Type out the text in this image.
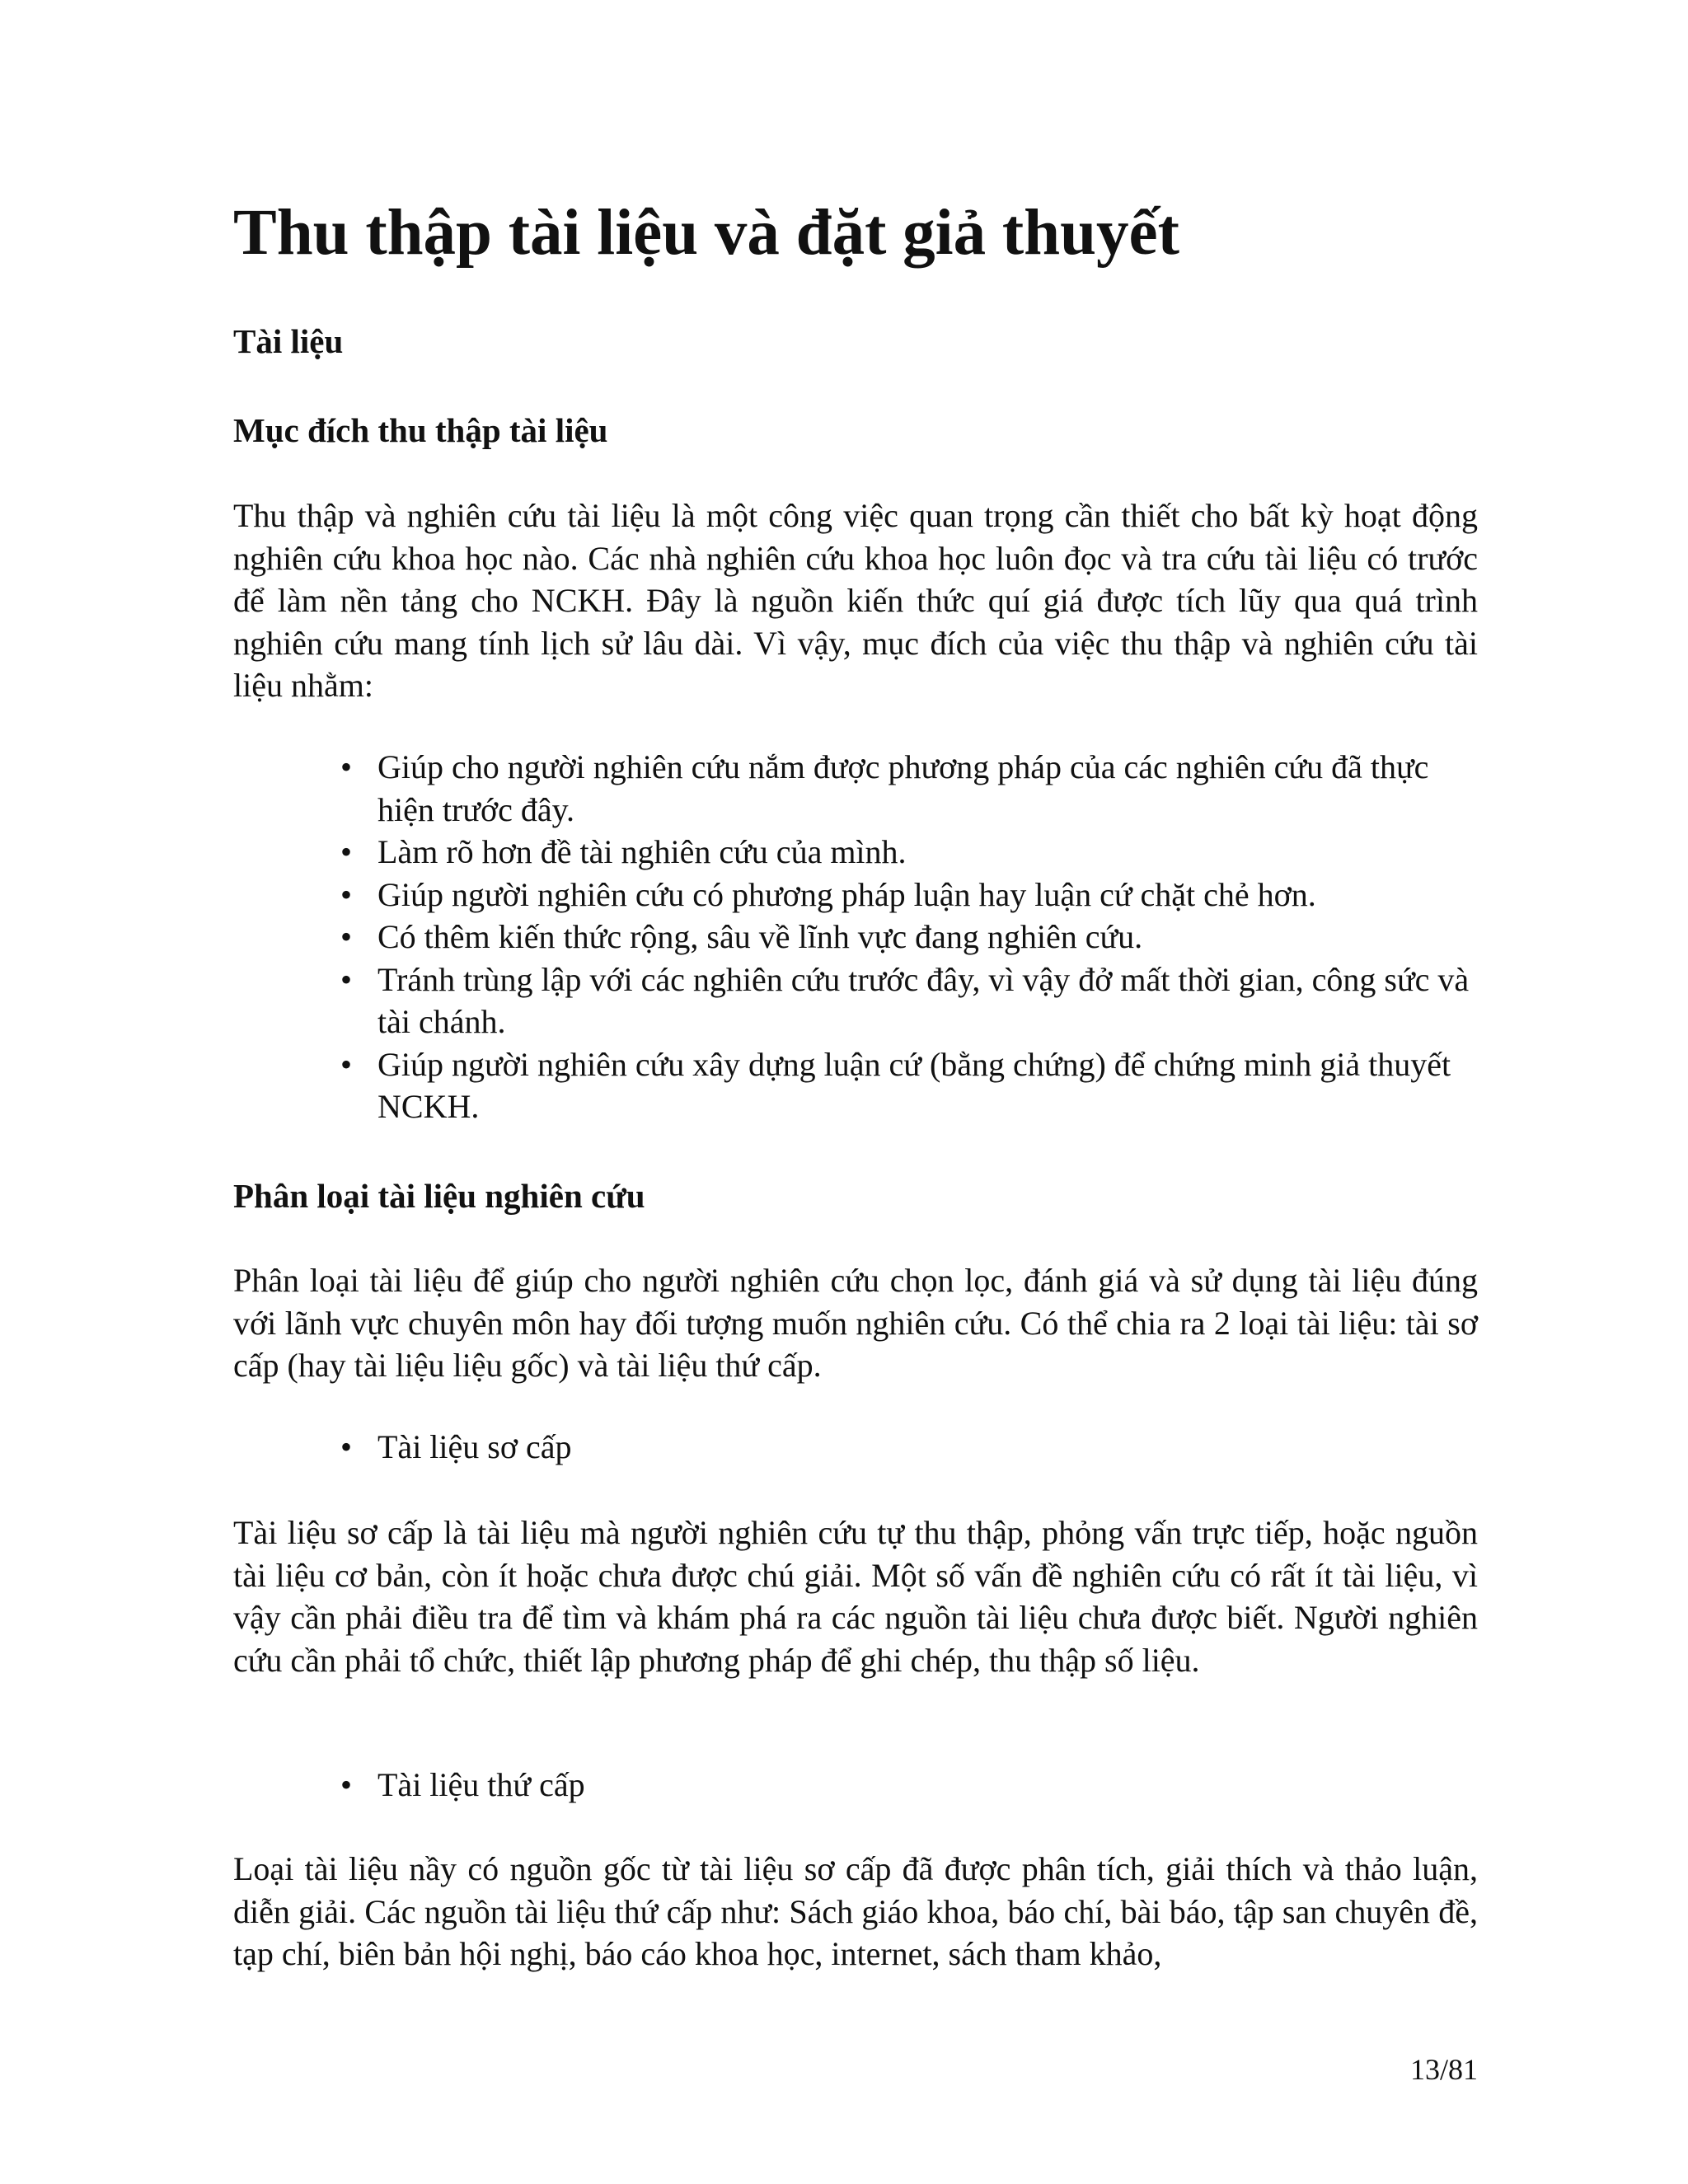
Thu thập tài liệu và đặt giả thuyết
Tài liệu
Mục đích thu thập tài liệu

Thu thập và nghiên cứu tài liệu là một công việc quan trọng cần thiết cho bất kỳ hoạt động nghiên cứu khoa học nào. Các nhà nghiên cứu khoa học luôn đọc và tra cứu tài liệu có trước để làm nền tảng cho NCKH. Đây là nguồn kiến thức quí giá được tích lũy qua quá trình nghiên cứu mang tính lịch sử lâu dài. Vì vậy, mục đích của việc thu thập và nghiên cứu tài liệu nhằm:

• Giúp cho người nghiên cứu nắm được phương pháp của các nghiên cứu đã thực hiện trước đây.
• Làm rõ hơn đề tài nghiên cứu của mình.
• Giúp người nghiên cứu có phương pháp luận hay luận cứ chặt chẻ hơn.
• Có thêm kiến thức rộng, sâu về lĩnh vực đang nghiên cứu.
• Tránh trùng lập với các nghiên cứu trước đây, vì vậy đở mất thời gian, công sức và tài chánh.
• Giúp người nghiên cứu xây dựng luận cứ (bằng chứng) để chứng minh giả thuyết NCKH.
Phân loại tài liệu nghiên cứu

Phân loại tài liệu để giúp cho người nghiên cứu chọn lọc, đánh giá và sử dụng tài liệu đúng với lãnh vực chuyên môn hay đối tượng muốn nghiên cứu. Có thể chia ra 2 loại tài liệu: tài sơ cấp (hay tài liệu liệu gốc) và tài liệu thứ cấp.

• Tài liệu sơ cấp

Tài liệu sơ cấp là tài liệu mà người nghiên cứu tự thu thập, phỏng vấn trực tiếp, hoặc nguồn tài liệu cơ bản, còn ít hoặc chưa được chú giải. Một số vấn đề nghiên cứu có rất ít tài liệu, vì vậy cần phải điều tra để tìm và khám phá ra các nguồn tài liệu chưa được biết. Người nghiên cứu cần phải tổ chức, thiết lập phương pháp để ghi chép, thu thập số liệu.

• Tài liệu thứ cấp

Loại tài liệu nầy có nguồn gốc từ tài liệu sơ cấp đã được phân tích, giải thích và thảo luận, diễn giải. Các nguồn tài liệu thứ cấp như: Sách giáo khoa, báo chí, bài báo, tập san chuyên đề, tạp chí, biên bản hội nghị, báo cáo khoa học, internet, sách tham khảo,

13/81
